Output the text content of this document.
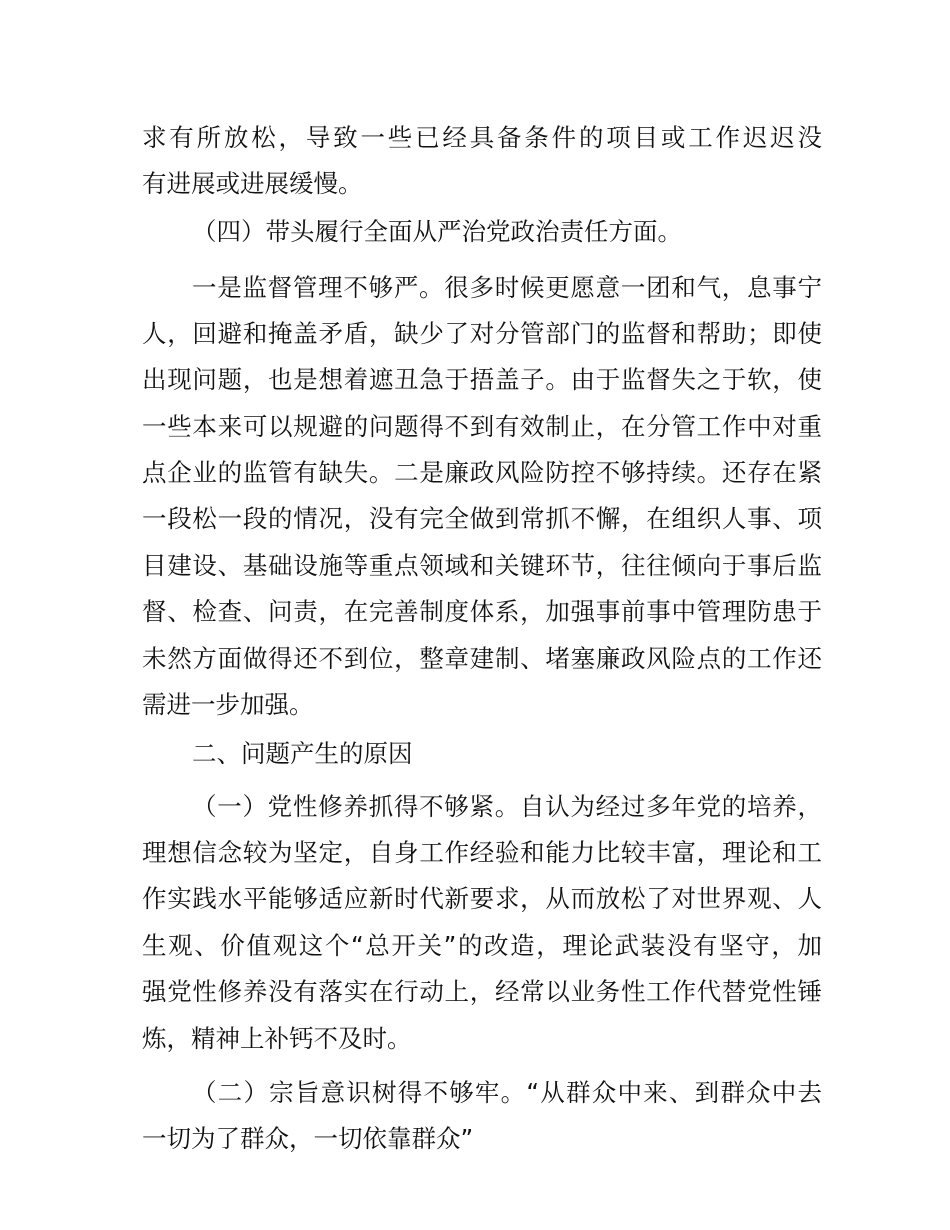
求有所放松，导致一些已经具备条件的项目或工作迟迟没
有进展或进展缓慢。
（四）带头履行全面从严治党政治责任方面。
一是监督管理不够严。很多时候更愿意一团和气，息事宁
人，回避和掩盖矛盾，缺少了对分管部门的监督和帮助；即使
出现问题，也是想着遮丑急于捂盖子。由于监督失之于软，使
一些本来可以规避的问题得不到有效制止，在分管工作中对重
点企业的监管有缺失。二是廉政风险防控不够持续。还存在紧
一段松一段的情况，没有完全做到常抓不懈，在组织人事、项
目建设、基础设施等重点领域和关键环节，往往倾向于事后监
督、检查、问责，在完善制度体系，加强事前事中管理防患于
未然方面做得还不到位，整章建制、堵塞廉政风险点的工作还
需进一步加强。
二、问题产生的原因
（一）党性修养抓得不够紧。自认为经过多年党的培养，
理想信念较为坚定，自身工作经验和能力比较丰富，理论和工
作实践水平能够适应新时代新要求，从而放松了对世界观、人
生观、价值观这个“总开关”的改造，理论武装没有坚守，加
强党性修养没有落实在行动上，经常以业务性工作代替党性锤
炼，精神上补钙不及时。
（二）宗旨意识树得不够牢。“从群众中来、到群众中去
一切为了群众，一切依靠群众”
